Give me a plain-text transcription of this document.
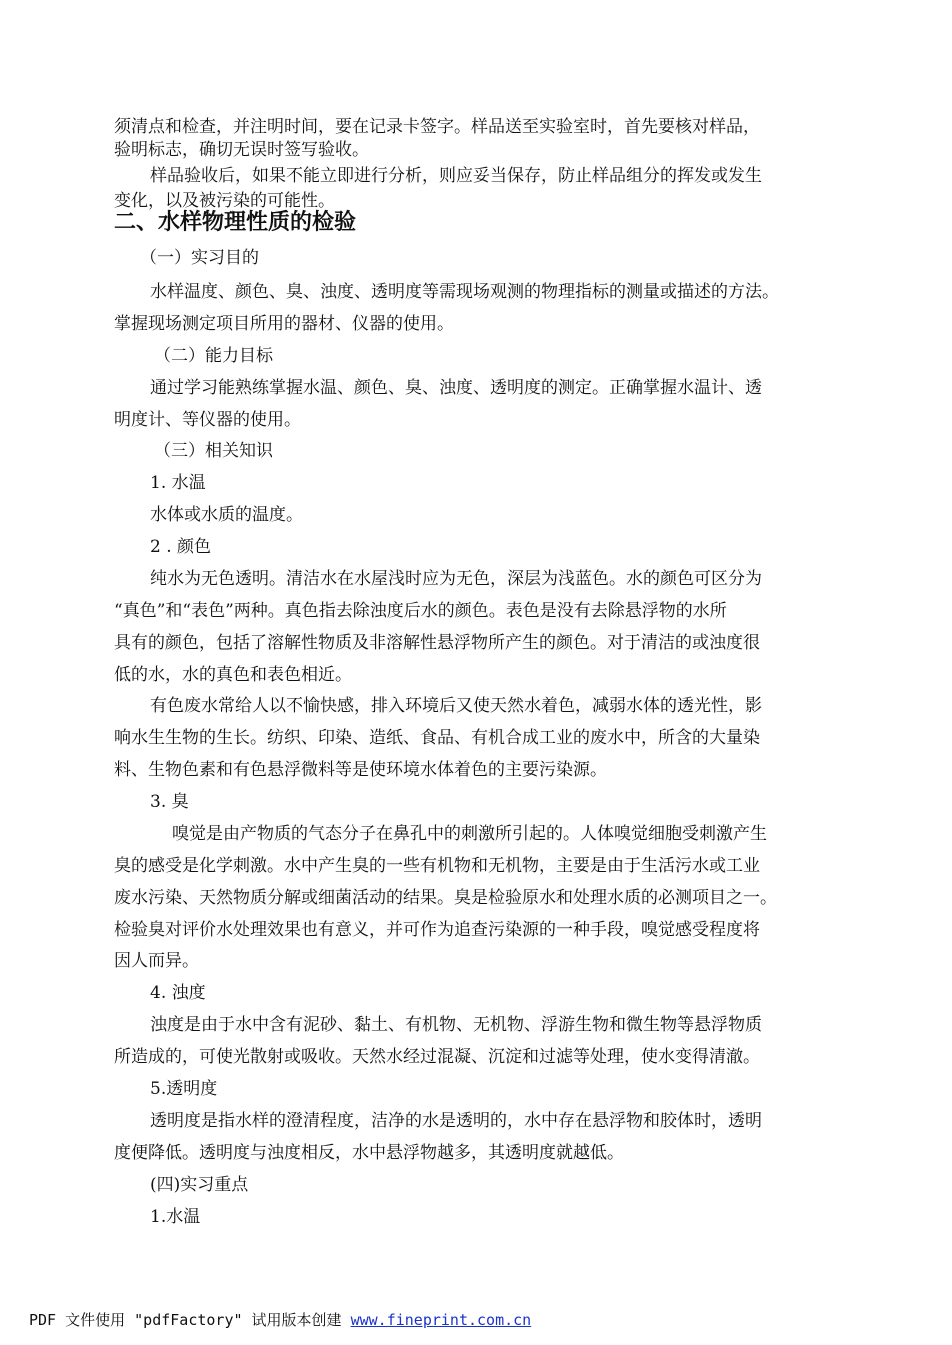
须清点和检查，并注明时间，要在记录卡签字。样品送至实验室时，首先要核对样品，
验明标志，确切无误时签写验收。
样品验收后，如果不能立即进行分析，则应妥当保存，防止样品组分的挥发或发生
变化，以及被污染的可能性。
二、水样物理性质的检验
（一）实习目的
水样温度、颜色、臭、浊度、透明度等需现场观测的物理指标的测量或描述的方法。
掌握现场测定项目所用的器材、仪器的使用。
（二）能力目标
通过学习能熟练掌握水温、颜色、臭、浊度、透明度的测定。正确掌握水温计、透
明度计、等仪器的使用。
（三）相关知识
1. 水温
水体或水质的温度。
2 . 颜色
纯水为无色透明。清洁水在水屋浅时应为无色，深层为浅蓝色。水的颜色可区分为
“真色”和“表色”两种。真色指去除浊度后水的颜色。表色是没有去除悬浮物的水所
具有的颜色，包括了溶解性物质及非溶解性悬浮物所产生的颜色。对于清洁的或浊度很
低的水，水的真色和表色相近。
有色废水常给人以不愉快感，排入环境后又使天然水着色，减弱水体的透光性，影
响水生生物的生长。纺织、印染、造纸、食品、有机合成工业的废水中，所含的大量染
料、生物色素和有色悬浮微料等是使环境水体着色的主要污染源。
3. 臭
嗅觉是由产物质的气态分子在鼻孔中的刺激所引起的。人体嗅觉细胞受刺激产生
臭的感受是化学刺激。水中产生臭的一些有机物和无机物，主要是由于生活污水或工业
废水污染、天然物质分解或细菌活动的结果。臭是检验原水和处理水质的必测项目之一。
检验臭对评价水处理效果也有意义，并可作为追查污染源的一种手段，嗅觉感受程度将
因人而异。
4. 浊度
浊度是由于水中含有泥砂、黏土、有机物、无机物、浮游生物和微生物等悬浮物质
所造成的，可使光散射或吸收。天然水经过混凝、沉淀和过滤等处理，使水变得清澈。
5.透明度
透明度是指水样的澄清程度，洁净的水是透明的，水中存在悬浮物和胶体时，透明
度便降低。透明度与浊度相反，水中悬浮物越多，其透明度就越低。
(四)实习重点
1.水温
PDF 文件使用 "pdfFactory" 试用版本创建 www.fineprint.com.cn
